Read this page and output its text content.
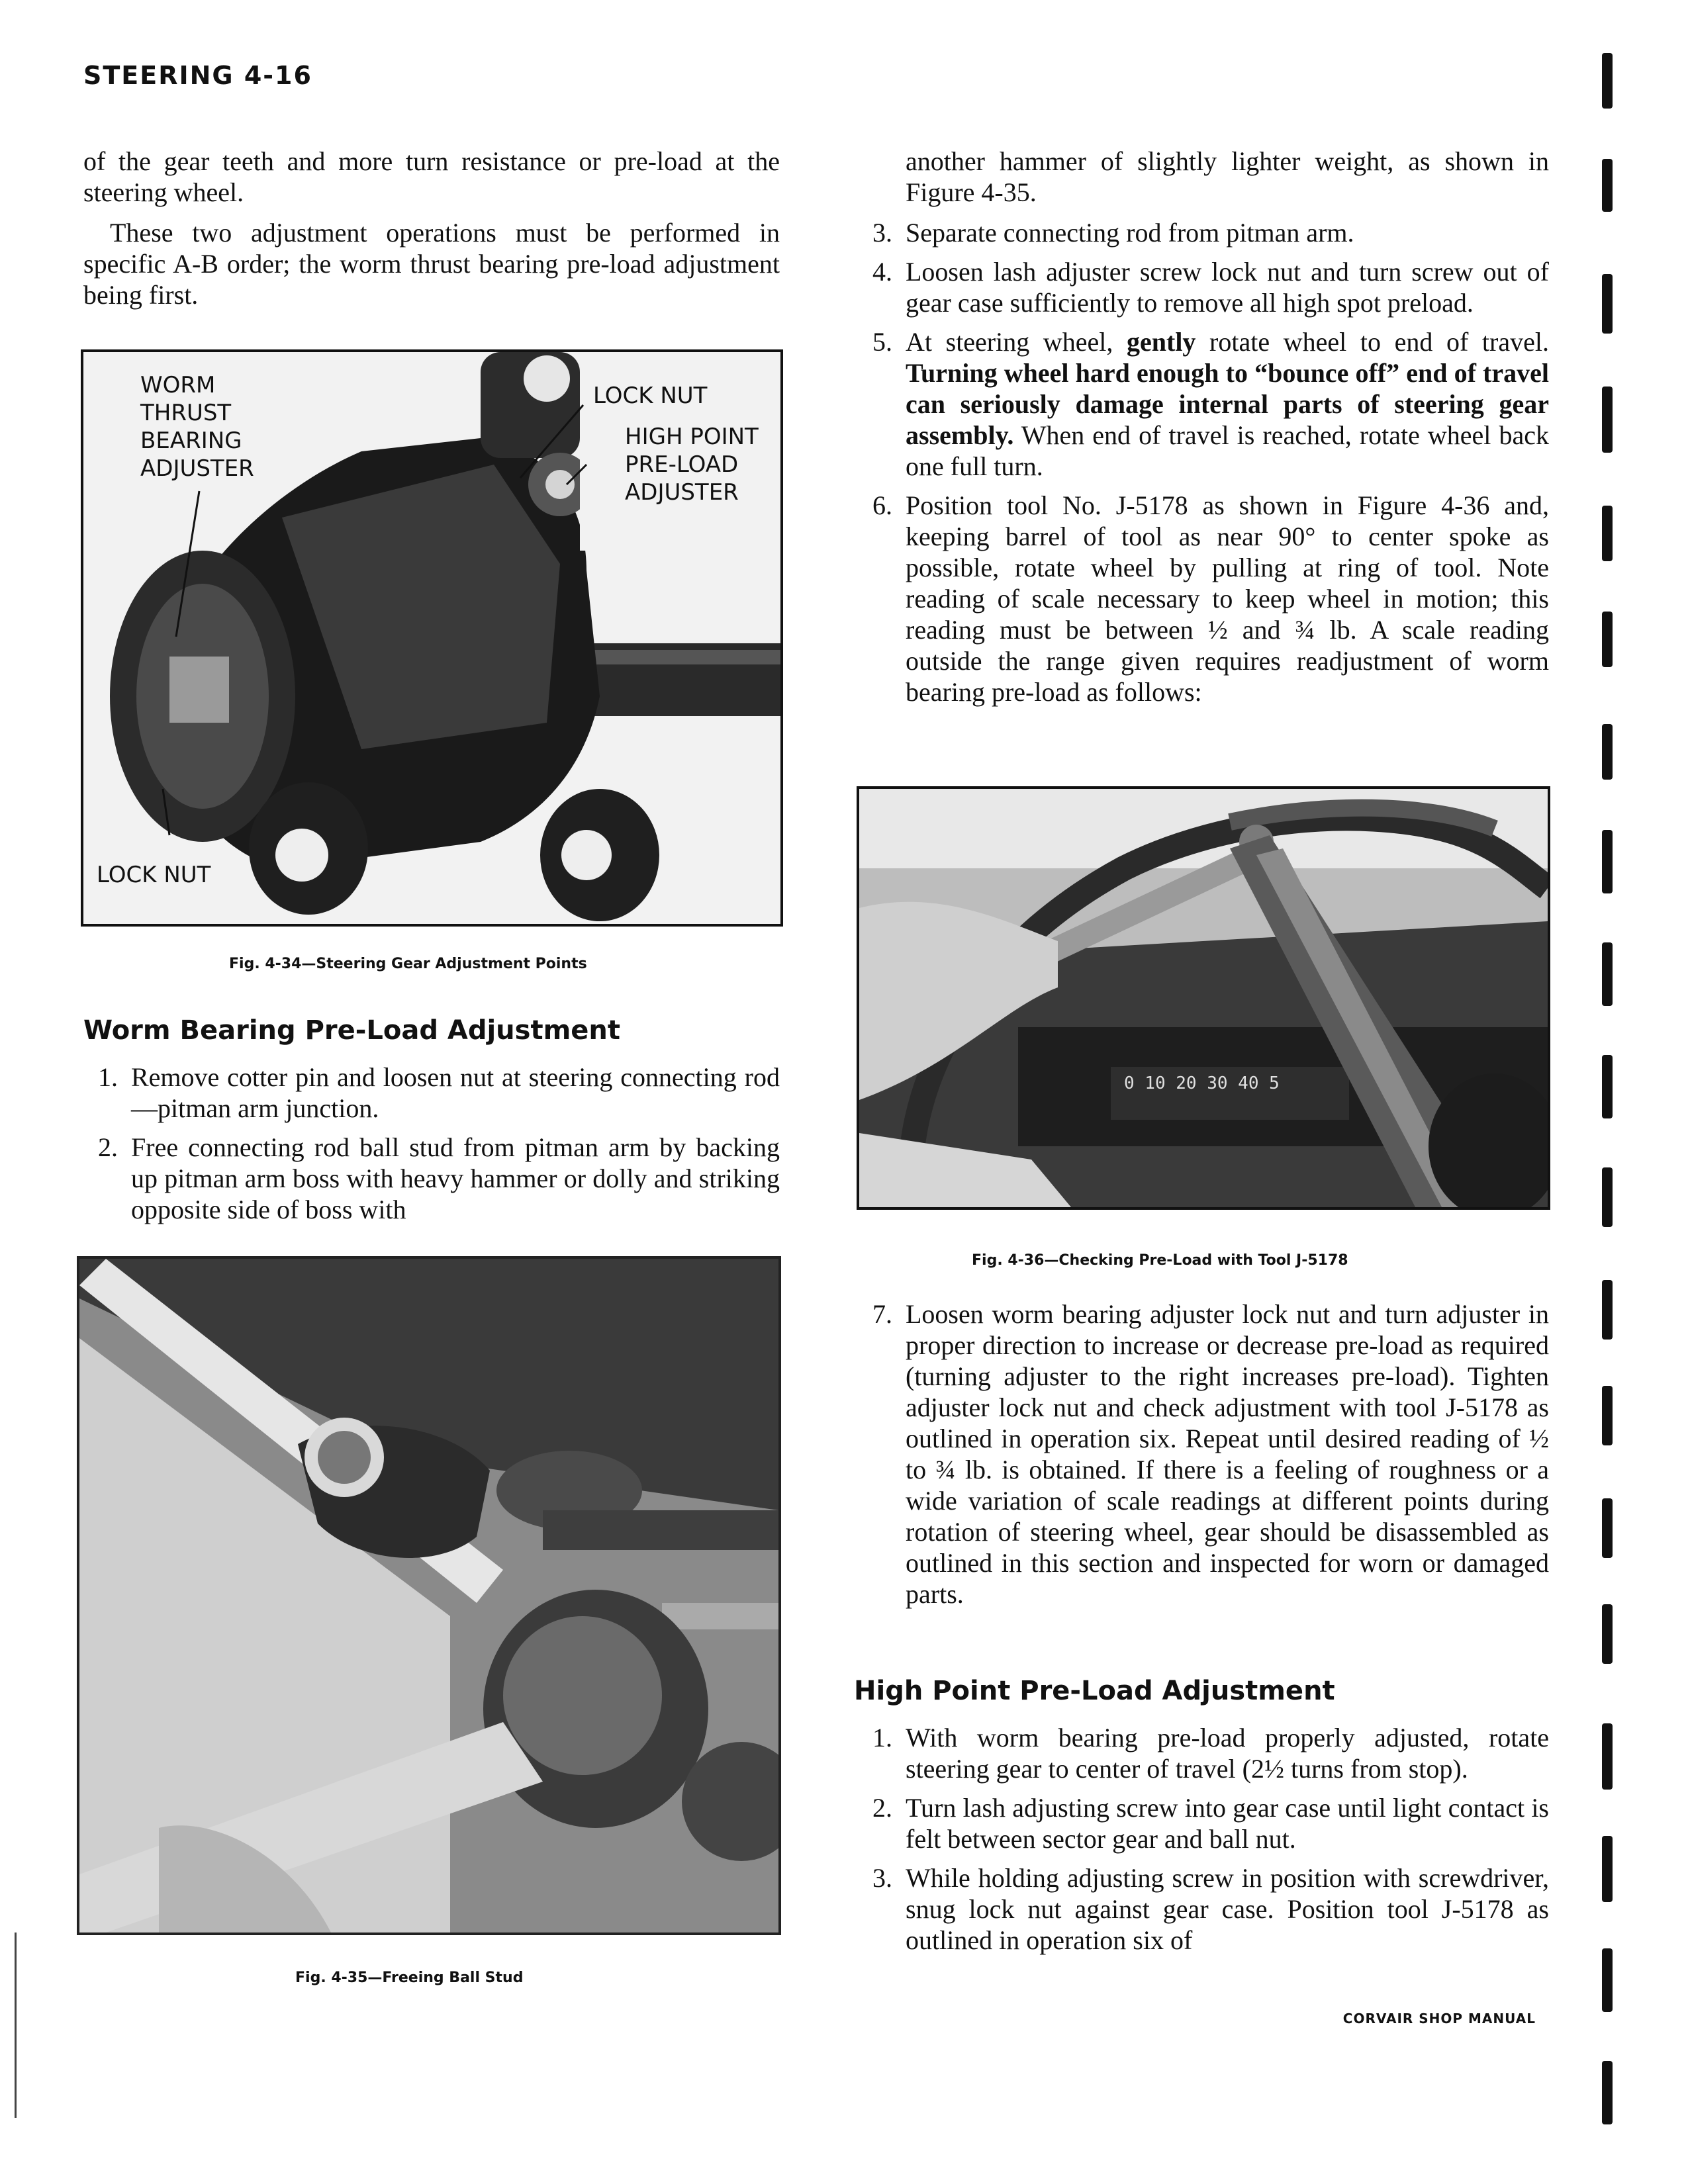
STEERING 4-16

of the gear teeth and more turn resistance or pre-load at the steering wheel.

These two adjustment operations must be performed in specific A-B order; the worm thrust bearing pre-load adjustment being first.

WORM
THRUST
BEARING
ADJUSTER
LOCK NUT
HIGH POINT
PRE-LOAD
ADJUSTER
LOCK NUT
Fig. 4-34—Steering Gear Adjustment Points
Worm Bearing Pre-Load Adjustment
1. Remove cotter pin and loosen nut at steering connecting rod—pitman arm junction.
2. Free connecting rod ball stud from pitman arm by backing up pitman arm boss with heavy hammer or dolly and striking opposite side of boss with
Fig. 4-35—Freeing Ball Stud

another hammer of slightly lighter weight, as shown in Figure 4-35.

3. Separate connecting rod from pitman arm.
4. Loosen lash adjuster screw lock nut and turn screw out of gear case sufficiently to remove all high spot preload.
5. At steering wheel, gently rotate wheel to end of travel. Turning wheel hard enough to “bounce off” end of travel can seriously damage internal parts of steering gear assembly. When end of travel is reached, rotate wheel back one full turn.
6. Position tool No. J-5178 as shown in Figure 4-36 and, keeping barrel of tool as near 90° to center spoke as possible, rotate wheel by pulling at ring of tool. Note reading of scale necessary to keep wheel in motion; this reading must be between ½ and ¾ lb. A scale reading outside the range given requires readjustment of worm bearing pre-load as follows:
0 10 20 30 40 5
Fig. 4-36—Checking Pre-Load with Tool J-5178
7. Loosen worm bearing adjuster lock nut and turn adjuster in proper direction to increase or decrease pre-load as required (turning adjuster to the right increases pre-load). Tighten adjuster lock nut and check adjustment with tool J-5178 as outlined in operation six. Repeat until desired reading of ½ to ¾ lb. is obtained. If there is a feeling of roughness or a wide variation of scale readings at different points during rotation of steering wheel, gear should be disassembled as outlined in this section and inspected for worn or damaged parts.
High Point Pre-Load Adjustment
1. With worm bearing pre-load properly adjusted, rotate steering gear to center of travel (2½ turns from stop).
2. Turn lash adjusting screw into gear case until light contact is felt between sector gear and ball nut.
3. While holding adjusting screw in position with screwdriver, snug lock nut against gear case. Position tool J-5178 as outlined in operation six of
CORVAIR SHOP MANUAL
